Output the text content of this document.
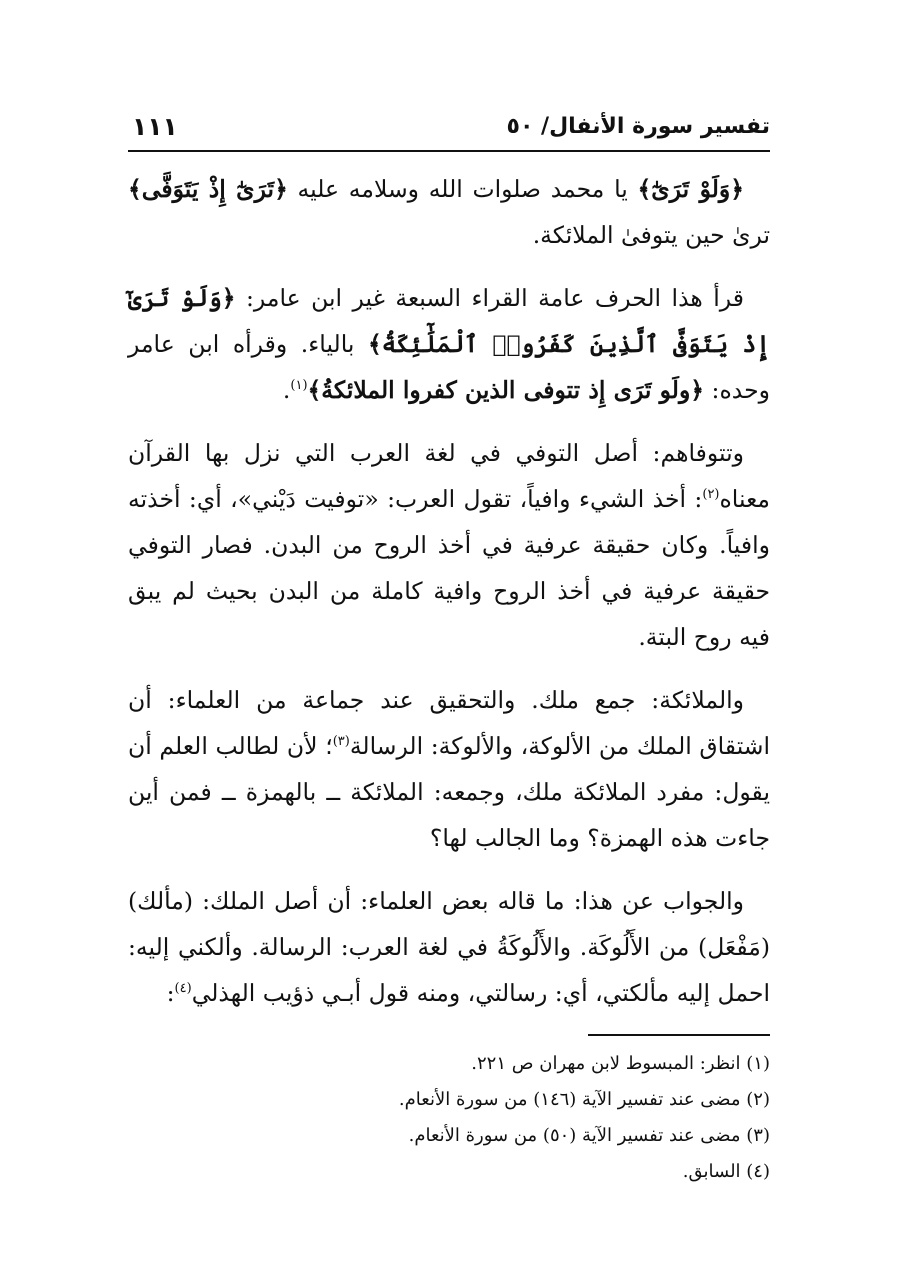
تفسير سورة الأنفال/ ٥٠
١١١

﴿وَلَوْ تَرَىٰٓ﴾ يا محمد صلوات الله وسلامه عليه ﴿تَرَىٰٓ إِذْ يَتَوَفَّى﴾ ترىٰ حين يتوفىٰ الملائكة.

قرأ هذا الحرف عامة القراء السبعة غير ابن عامر: ﴿وَلَوْ تَرَىٰٓ إِذْ يَتَوَفَّى ٱلَّذِينَ كَفَرُوا۟ ٱلْمَلَٰٓئِكَةُ﴾ بالياء. وقرأه ابن عامر وحده: ﴿ولَو تَرَى إِذ تتوفى الذين كفروا الملائكةُ﴾$^{(١)}$.

وتتوفاهم: أصل التوفي في لغة العرب التي نزل بها القرآن معناه$^{(٢)}$: أخذ الشيء وافياً، تقول العرب: «توفيت دَيْني»، أي: أخذته وافياً. وكان حقيقة عرفية في أخذ الروح من البدن. فصار التوفي حقيقة عرفية في أخذ الروح وافية كاملة من البدن بحيث لم يبق فيه روح البتة.

والملائكة: جمع ملك. والتحقيق عند جماعة من العلماء: أن اشتقاق الملك من الألوكة، والألوكة: الرسالة$^{(٣)}$؛ لأن لطالب العلم أن يقول: مفرد الملائكة ملك، وجمعه: الملائكة ــ بالهمزة ــ فمن أين جاءت هذه الهمزة؟ وما الجالب لها؟

والجواب عن هذا: ما قاله بعض العلماء: أن أصل الملك: (مألك) (مَفْعَل) من الأَلُوكَة. والأَلُوكَةُ في لغة العرب: الرسالة. وألكني إليه: احمل إليه مألكتي، أي: رسالتي، ومنه قول أبـي ذؤيب الهذلي$^{(٤)}$:

(١) انظر: المبسوط لابن مهران ص ٢٢١.
(٢) مضى عند تفسير الآية (١٤٦) من سورة الأنعام.
(٣) مضى عند تفسير الآية (٥٠) من سورة الأنعام.
(٤) السابق.
